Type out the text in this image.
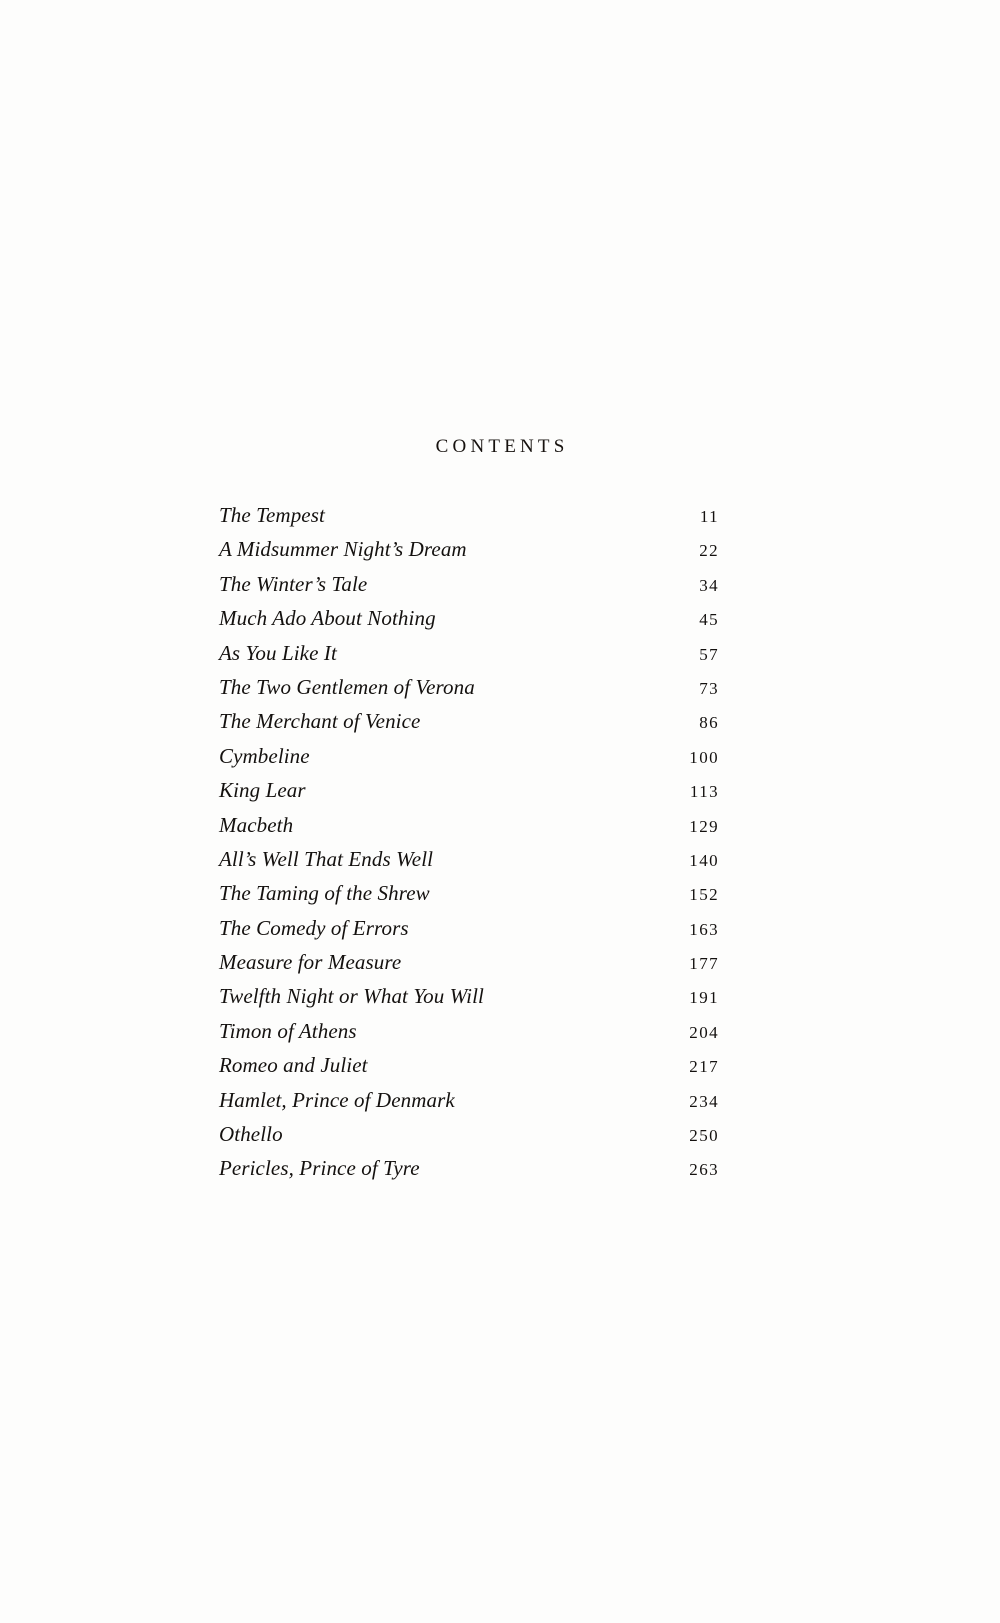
CONTENTS
The Tempest	11
A Midsummer Night’s Dream	22
The Winter’s Tale	34
Much Ado About Nothing	45
As You Like It	57
The Two Gentlemen of Verona	73
The Merchant of Venice	86
Cymbeline	100
King Lear	113
Macbeth	129
All’s Well That Ends Well	140
The Taming of the Shrew	152
The Comedy of Errors	163
Measure for Measure	177
Twelfth Night or What You Will	191
Timon of Athens	204
Romeo and Juliet	217
Hamlet, Prince of Denmark	234
Othello	250
Pericles, Prince of Tyre	263
